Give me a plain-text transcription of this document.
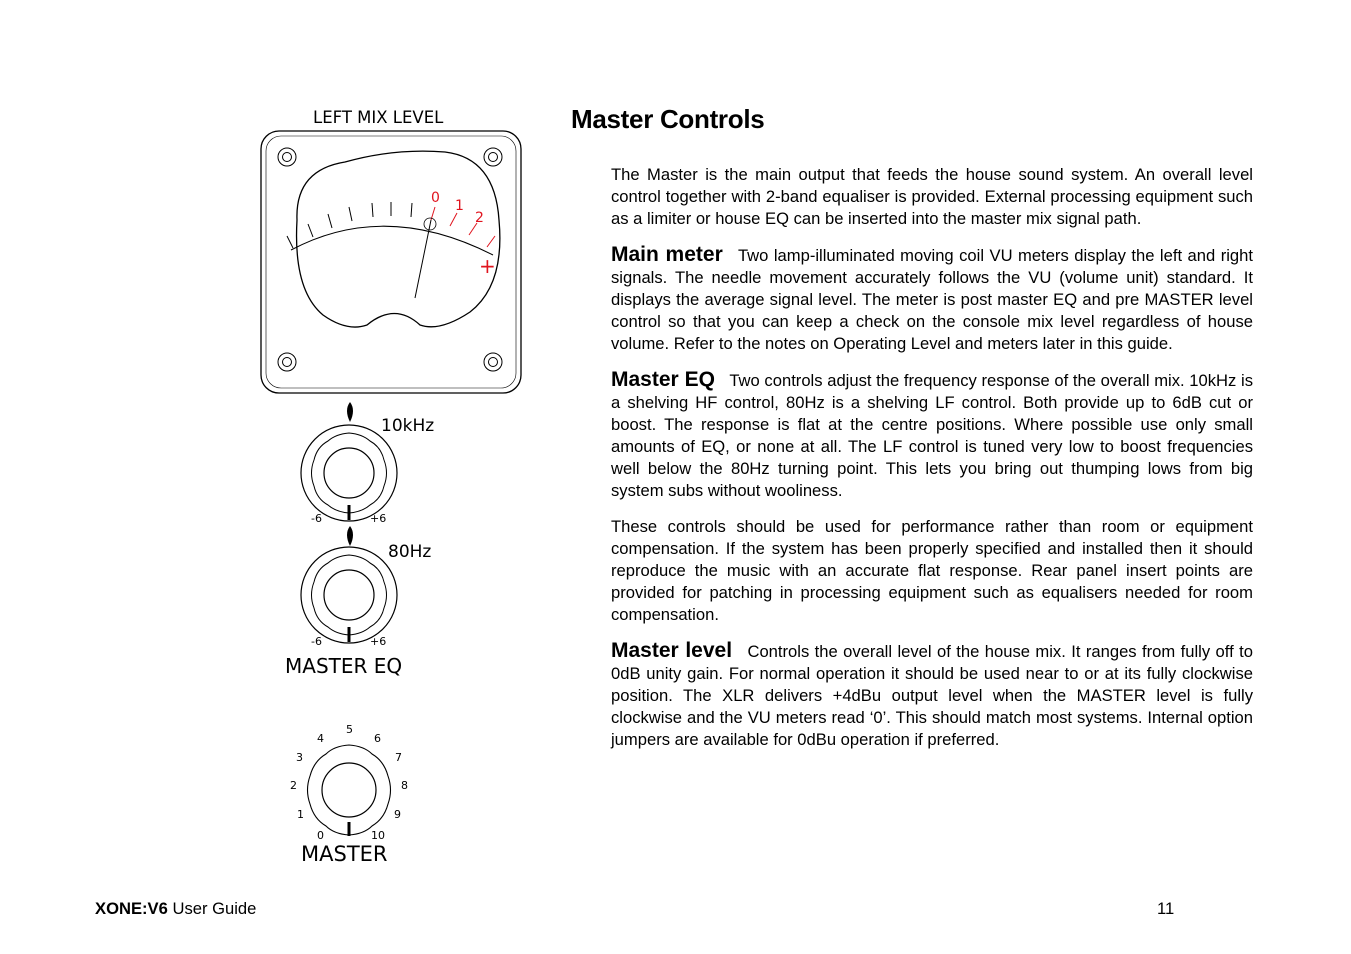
LEFT MIX LEVEL
0 1
2
+
10kHz
-6	+6
80Hz
-6	+6
MASTER EQ
0
1
2
3
4
5
6
7
8
9
10
MASTER
Master Controls

The Master is the main output that feeds the house sound system. An overall level control together with 2-band equaliser is provided. External processing equipment such as a limiter or house EQ can be inserted into the master mix signal path.

Main meter Two lamp-illuminated moving coil VU meters display the left and right signals. The needle movement accurately follows the VU (volume unit) standard. It displays the average signal level. The meter is post master EQ and pre MASTER level control so that you can keep a check on the console mix level regardless of house volume. Refer to the notes on Operating Level and meters later in this guide.

Master EQ Two controls adjust the frequency response of the overall mix. 10kHz is a shelving HF control, 80Hz is a shelving LF control. Both provide up to 6dB cut or boost. The response is flat at the centre positions. Where possible use only small amounts of EQ, or none at all. The LF control is tuned very low to boost frequencies well below the 80Hz turning point. This lets you bring out thumping lows from big system subs without wooliness.

These controls should be used for performance rather than room or equipment compensation. If the system has been properly specified and installed then it should reproduce the music with an accurate flat response. Rear panel insert points are provided for patching in processing equipment such as equalisers needed for room compensation.

Master level Controls the overall level of the house mix. It ranges from fully off to 0dB unity gain. For normal operation it should be used near to or at its fully clockwise position. The XLR delivers +4dBu output level when the MASTER level is fully clockwise and the VU meters read ‘0’. This should match most systems. Internal option jumpers are available for 0dBu operation if preferred.

XONE:V6 User Guide	11
